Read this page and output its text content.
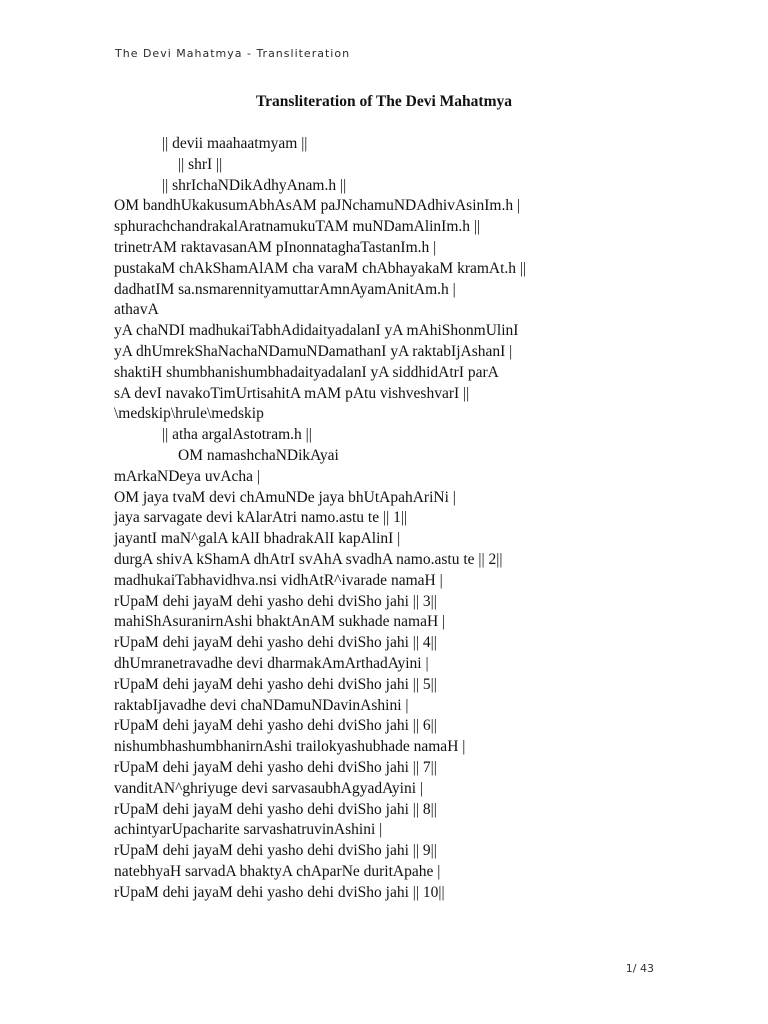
The Devi Mahatmya - Transliteration
Transliteration of The Devi Mahatmya
|| devii maahaatmyam ||
|| shrI ||
|| shrIchaNDikAdhyAnam.h ||
OM bandhUkakusumAbhAsAM paJNchamuNDAdhivAsinIm.h |
sphurachchandrakalAratnamukuTAM muNDamAlinIm.h ||
trinetrAM raktavasanAM pInonnataghaTastanIm.h |
pustakaM chAkShamAlAM cha varaM chAbhayakaM kramAt.h ||
dadhatIM sa.nsmarennityamuttarAmnAyamAnitAm.h |
athavA
yA chaNDI madhukaiTabhAdidaityadalanI yA mAhiShonmUlinI
yA dhUmrekShaNachaNDamuNDamathanI yA raktabIjAshanI |
shaktiH shumbhanishumbhadaityadalanI yA siddhidAtrI parA
sA devI navakoTimUrtisahitA mAM pAtu vishveshvarI ||
\medskip\hrule\medskip
|| atha argalAstotram.h ||
OM namashchaNDikAyai
mArkaNDeya uvAcha |
OM jaya tvaM devi chAmuNDe jaya bhUtApahAriNi |
jaya sarvagate devi kAlarAtri namo.astu te || 1||
jayantI maN^galA kAlI bhadrakAlI kapAlinI |
durgA shivA kShamA dhAtrI svAhA svadhA namo.astu te || 2||
madhukaiTabhavidhva.nsi vidhAtR^ivarade namaH |
rUpaM dehi jayaM dehi yasho dehi dviSho jahi || 3||
mahiShAsuranirnAshi bhaktAnAM sukhade namaH |
rUpaM dehi jayaM dehi yasho dehi dviSho jahi || 4||
dhUmranetravadhe devi dharmakAmArthadAyini |
rUpaM dehi jayaM dehi yasho dehi dviSho jahi || 5||
raktabIjavadhe devi chaNDamuNDavinAshini |
rUpaM dehi jayaM dehi yasho dehi dviSho jahi || 6||
nishumbhashumbhanirnAshi trailokyashubhade namaH |
rUpaM dehi jayaM dehi yasho dehi dviSho jahi || 7||
vanditAN^ghriyuge devi sarvasaubhAgyadAyini |
rUpaM dehi jayaM dehi yasho dehi dviSho jahi || 8||
achintyarUpacharite sarvashatruvinAshini |
rUpaM dehi jayaM dehi yasho dehi dviSho jahi || 9||
natebhyaH sarvadA bhaktyA chAparNe duritApahe |
rUpaM dehi jayaM dehi yasho dehi dviSho jahi || 10||
1/ 43
